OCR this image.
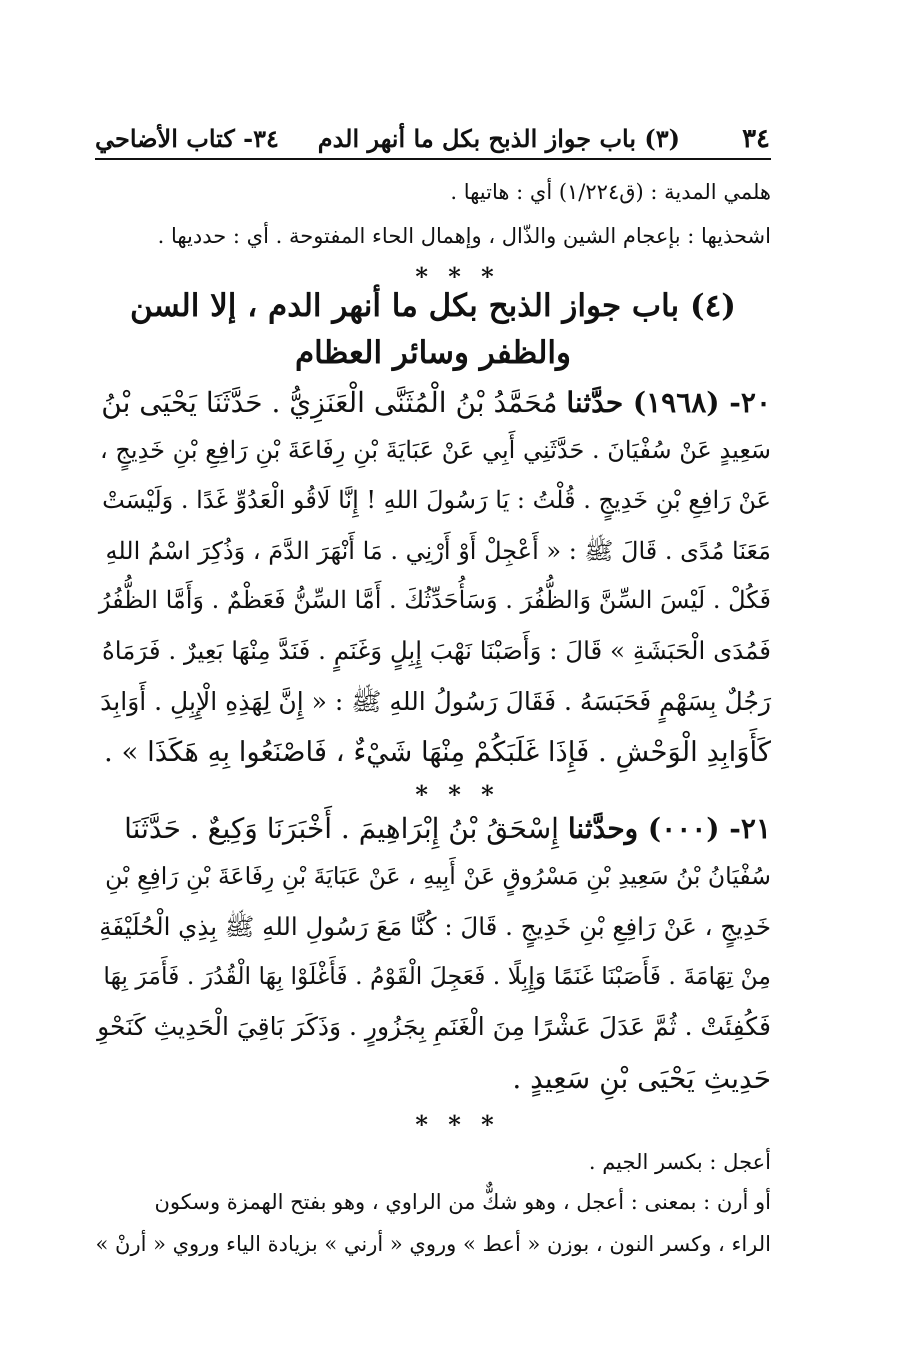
٣٤
(٣) باب جواز الذبح بكل ما أنهر الدم
٣٤- كتاب الأضاحي
هلمي المدية : (ق١/٢٢٤) أي : هاتيها .
اشحذيها : بإعجام الشين والذّال ، وإهمال الحاء المفتوحة . أي : حدديها .
* * *
(٤) باب جواز الذبح بكل ما أنهر الدم ، إلا السن
والظفر وسائر العظام
٢٠- (١٩٦٨) حدَّثنا مُحَمَّدُ بْنُ الْمُثَنَّى الْعَنَزِيُّ . حَدَّثَنَا يَحْيَى بْنُ
سَعِيدٍ عَنْ سُفْيَانَ . حَدَّثَنِي أَبِي عَنْ عَبَايَةَ بْنِ رِفَاعَةَ بْنِ رَافِعِ بْنِ خَدِيجٍ ،
عَنْ رَافِعِ بْنِ خَدِيجٍ . قُلْتُ : يَا رَسُولَ اللهِ ! إِنَّا لَاقُو الْعَدُوِّ غَدًا . وَلَيْسَتْ
مَعَنَا مُدًى . قَالَ ﷺ : « أَعْجِلْ أَوْ أَرْنِي . مَا أَنْهَرَ الدَّمَ ، وَذُكِرَ اسْمُ اللهِ
فَكُلْ . لَيْسَ السِّنَّ وَالظُّفُرَ . وَسَأُحَدِّثُكَ . أَمَّا السِّنُّ فَعَظْمٌ . وَأَمَّا الظُّفُرُ
فَمُدَى الْحَبَشَةِ » قَالَ : وَأَصَبْنَا نَهْبَ إِبِلٍ وَغَنَمٍ . فَنَدَّ مِنْهَا بَعِيرٌ . فَرَمَاهُ
رَجُلٌ بِسَهْمٍ فَحَبَسَهُ . فَقَالَ رَسُولُ اللهِ ﷺ : « إِنَّ لِهَذِهِ الْإِبِلِ . أَوَابِدَ
كَأَوَابِدِ الْوَحْشِ . فَإِذَا غَلَبَكُمْ مِنْهَا شَيْءٌ ، فَاصْنَعُوا بِهِ هَكَذَا » .
* * *
٢١- (٠٠٠) وحدَّثنا إِسْحَقُ بْنُ إِبْرَاهِيمَ . أَخْبَرَنَا وَكِيعٌ . حَدَّثَنَا
سُفْيَانُ بْنُ سَعِيدِ بْنِ مَسْرُوقٍ عَنْ أَبِيهِ ، عَنْ عَبَايَةَ بْنِ رِفَاعَةَ بْنِ رَافِعِ بْنِ
خَدِيجٍ ، عَنْ رَافِعِ بْنِ خَدِيجٍ . قَالَ : كُنَّا مَعَ رَسُولِ اللهِ ﷺ بِذِي الْحُلَيْفَةِ
مِنْ تِهَامَةَ . فَأَصَبْنَا غَنَمًا وَإِبِلًا . فَعَجِلَ الْقَوْمُ . فَأَغْلَوْا بِهَا الْقُدُرَ . فَأَمَرَ بِهَا
فَكُفِئَتْ . ثُمَّ عَدَلَ عَشْرًا مِنَ الْغَنَمِ بِجَزُورٍ . وَذَكَرَ بَاقِيَ الْحَدِيثِ كَنَحْوِ
حَدِيثِ يَحْيَى بْنِ سَعِيدٍ .
* * *
أعجل : بكسر الجيم .
أو أرن : بمعنى : أعجل ، وهو شكٌّ من الراوي ، وهو بفتح الهمزة وسكون
الراء ، وكسر النون ، بوزن « أعط » وروي « أرني » بزيادة الياء وروي « أرنْ »
